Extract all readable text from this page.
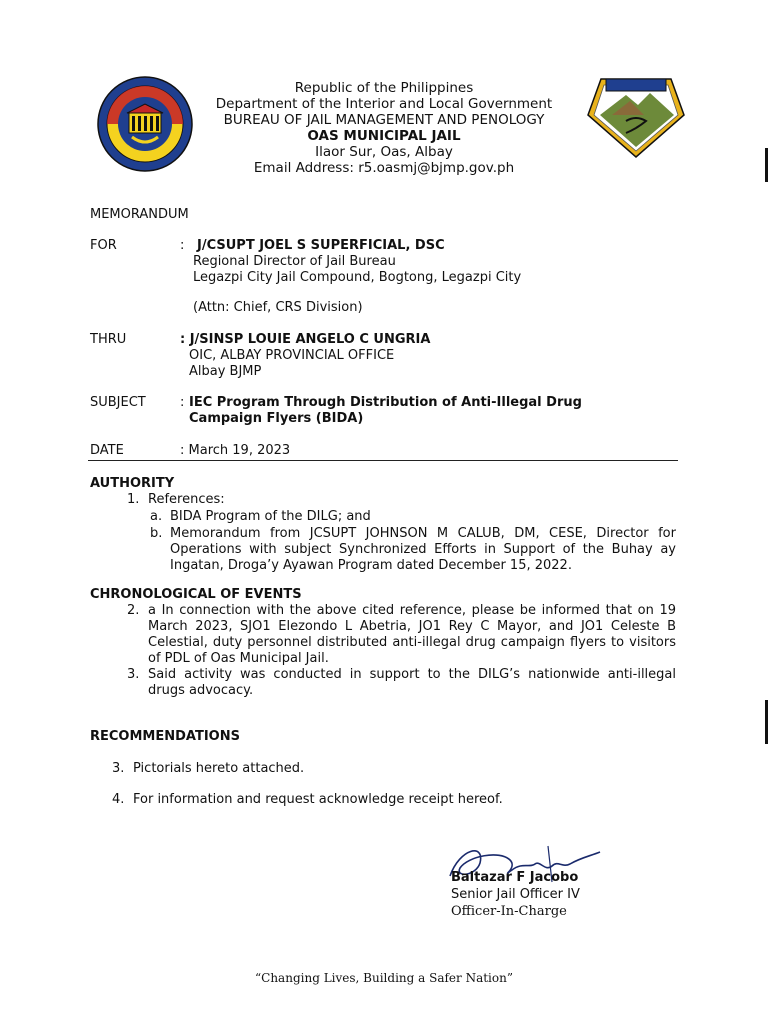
Republic of the Philippines
Department of the Interior and Local Government
BUREAU OF JAIL MANAGEMENT AND PENOLOGY
OAS MUNICIPAL JAIL
Ilaor Sur, Oas, Albay
Email Address: r5.oasmj@bjmp.gov.ph
MEMORANDUM
FOR	: J/CSUPT JOEL S SUPERFICIAL, DSC
Regional Director of Jail Bureau
Legazpi City Jail Compound, Bogtong, Legazpi City
(Attn: Chief, CRS Division)
THRU	: J/SINSP LOUIE ANGELO C UNGRIA
OIC, ALBAY PROVINCIAL OFFICE
Albay BJMP
SUBJECT	: IEC Program Through Distribution of Anti-Illegal Drug
Campaign Flyers (BIDA)
DATE	: March 19, 2023
AUTHORITY
1. References:
a. BIDA Program of the DILG; and
b. Memorandum from JCSUPT JOHNSON M CALUB, DM, CESE, Director for Operations with subject Synchronized Efforts in Support of the Buhay ay Ingatan, Droga’y Ayawan Program dated December 15, 2022.
CHRONOLOGICAL OF EVENTS
2. a In connection with the above cited reference, please be informed that on 19 March 2023, SJO1 Elezondo L Abetria, JO1 Rey C Mayor, and JO1 Celeste B Celestial, duty personnel distributed anti-illegal drug campaign flyers to visitors of PDL of Oas Municipal Jail.
3. Said activity was conducted in support to the DILG’s nationwide anti-illegal drugs advocacy.
RECOMMENDATIONS
3. Pictorials hereto attached.
4. For information and request acknowledge receipt hereof.
Baltazar F Jacobo
Senior Jail Officer IV
Officer-In-Charge
“Changing Lives, Building a Safer Nation”
